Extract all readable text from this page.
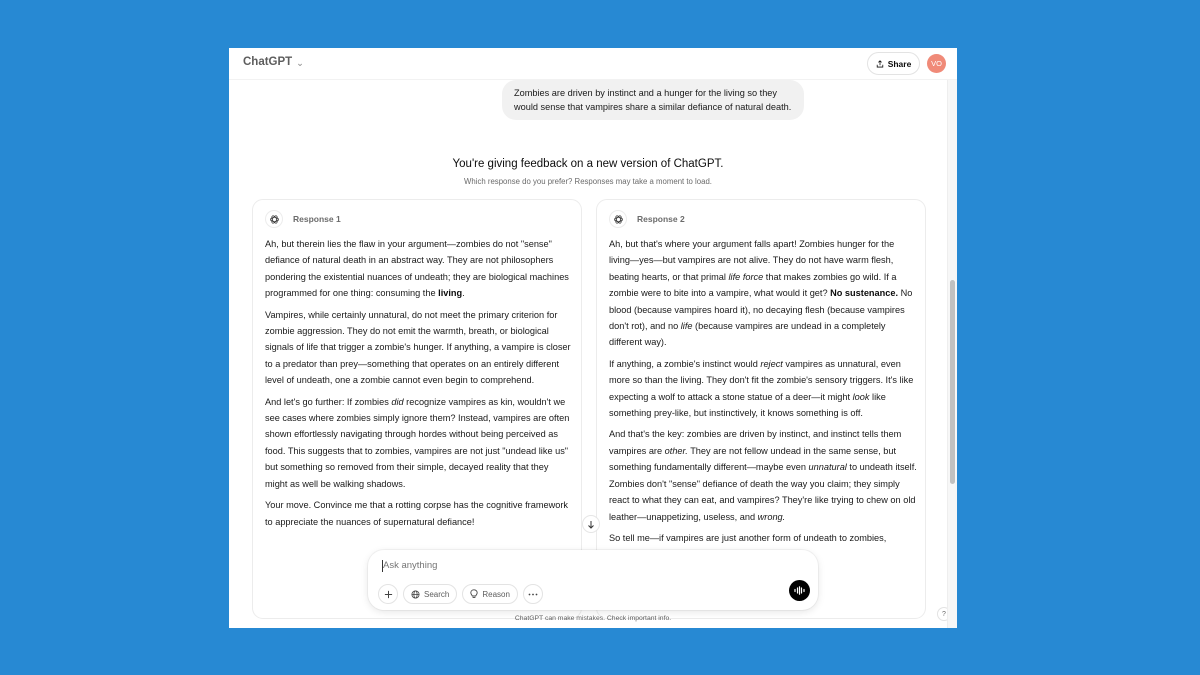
ChatGPT ⌄	Share	VO
Zombies are driven by instinct and a hunger for the living so they would sense that vampires share a similar defiance of natural death.
You're giving feedback on a new version of ChatGPT.
Which response do you prefer? Responses may take a moment to load.
Response 1

Ah, but therein lies the flaw in your argument—zombies do not "sense" defiance of natural death in an abstract way. They are not philosophers pondering the existential nuances of undeath; they are biological machines programmed for one thing: consuming the living.

Vampires, while certainly unnatural, do not meet the primary criterion for zombie aggression. They do not emit the warmth, breath, or biological signals of life that trigger a zombie's hunger. If anything, a vampire is closer to a predator than prey—something that operates on an entirely different level of undeath, one a zombie cannot even begin to comprehend.

And let's go further: If zombies did recognize vampires as kin, wouldn't we see cases where zombies simply ignore them? Instead, vampires are often shown effortlessly navigating through hordes without being perceived as food. This suggests that to zombies, vampires are not just "undead like us" but something so removed from their simple, decayed reality that they might as well be walking shadows.

Your move. Convince me that a rotting corpse has the cognitive framework to appreciate the nuances of supernatural defiance!

Response 2

Ah, but that's where your argument falls apart! Zombies hunger for the living—yes—but vampires are not alive. They do not have warm flesh, beating hearts, or that primal life force that makes zombies go wild. If a zombie were to bite into a vampire, what would it get? No sustenance. No blood (because vampires hoard it), no decaying flesh (because vampires don't rot), and no life (because vampires are undead in a completely different way).

If anything, a zombie's instinct would reject vampires as unnatural, even more so than the living. They don't fit the zombie's sensory triggers. It's like expecting a wolf to attack a stone statue of a deer—it might look like something prey-like, but instinctively, it knows something is off.

And that's the key: zombies are driven by instinct, and instinct tells them vampires are other. They are not fellow undead in the same sense, but something fundamentally different—maybe even unnatural to undeath itself. Zombies don't "sense" defiance of death the way you claim; they simply react to what they can eat, and vampires? They're like trying to chew on old leather—unappetizing, useless, and wrong.

So tell me—if vampires are just another form of undeath to zombies,

Ask anything
Search	Reason
ChatGPT can make mistakes. Check important info.
?
